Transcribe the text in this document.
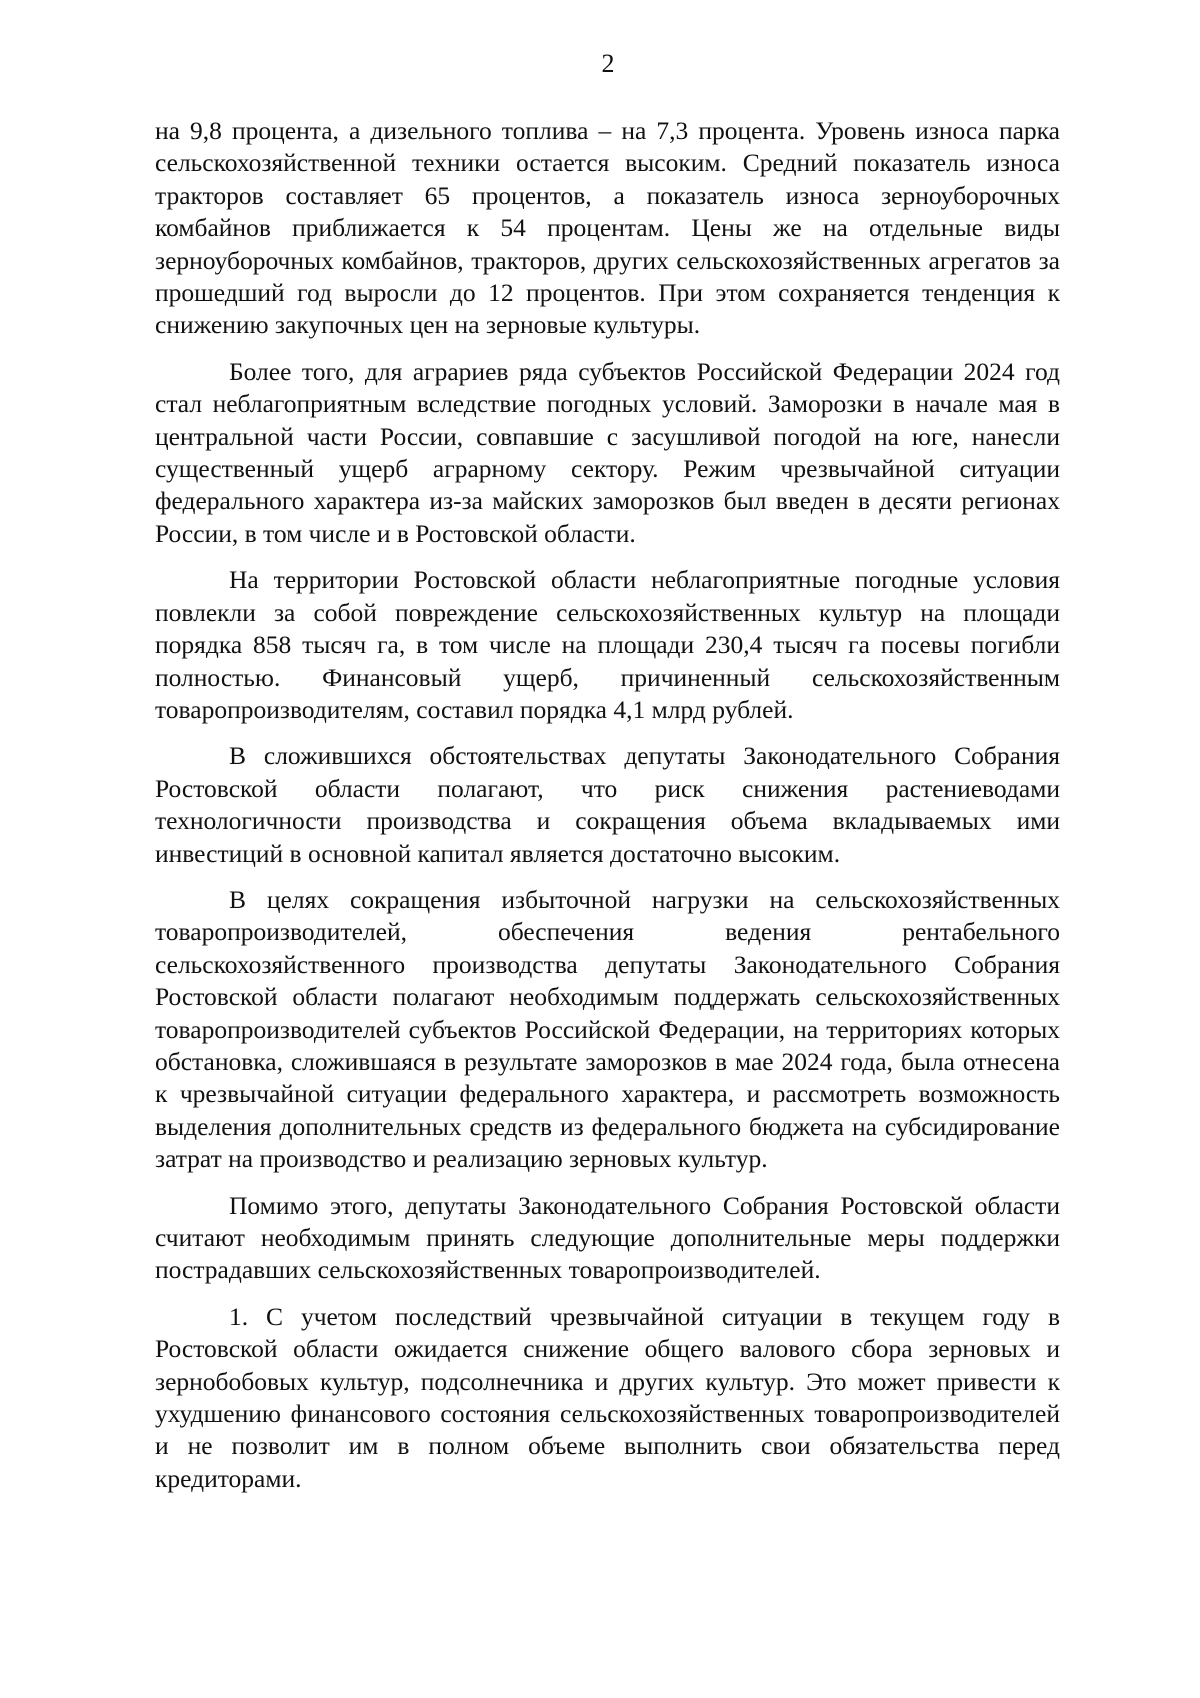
2

на 9,8 процента, а дизельного топлива – на 7,3 процента. Уровень износа парка сельскохозяйственной техники остается высоким. Средний показатель износа тракторов составляет 65 процентов, а показатель износа зерноуборочных комбайнов приближается к 54 процентам. Цены же на отдельные виды зерноуборочных комбайнов, тракторов, других сельскохозяйственных агрегатов за прошедший год выросли до 12 процентов. При этом сохраняется тенденция к снижению закупочных цен на зерновые культуры.

Более того, для аграриев ряда субъектов Российской Федерации 2024 год стал неблагоприятным вследствие погодных условий. Заморозки в начале мая в центральной части России, совпавшие с засушливой погодой на юге, нанесли существенный ущерб аграрному сектору. Режим чрезвычайной ситуации федерального характера из-за майских заморозков был введен в десяти регионах России, в том числе и в Ростовской области.

На территории Ростовской области неблагоприятные погодные условия повлекли за собой повреждение сельскохозяйственных культур на площади порядка 858 тысяч га, в том числе на площади 230,4 тысяч га посевы погибли полностью. Финансовый ущерб, причиненный сельскохозяйственным товаропроизводителям, составил порядка 4,1 млрд рублей.

В сложившихся обстоятельствах депутаты Законодательного Собрания Ростовской области полагают, что риск снижения растениеводами технологичности производства и сокращения объема вкладываемых ими инвестиций в основной капитал является достаточно высоким.

В целях сокращения избыточной нагрузки на сельскохозяйственных товаропроизводителей, обеспечения ведения рентабельного сельскохозяйственного производства депутаты Законодательного Собрания Ростовской области полагают необходимым поддержать сельскохозяйственных товаропроизводителей субъектов Российской Федерации, на территориях которых обстановка, сложившаяся в результате заморозков в мае 2024 года, была отнесена к чрезвычайной ситуации федерального характера, и рассмотреть возможность выделения дополнительных средств из федерального бюджета на субсидирование затрат на производство и реализацию зерновых культур.

Помимо этого, депутаты Законодательного Собрания Ростовской области считают необходимым принять следующие дополнительные меры поддержки пострадавших сельскохозяйственных товаропроизводителей.

1. С учетом последствий чрезвычайной ситуации в текущем году в Ростовской области ожидается снижение общего валового сбора зерновых и зернобобовых культур, подсолнечника и других культур. Это может привести к ухудшению финансового состояния сельскохозяйственных товаропроизводителей и не позволит им в полном объеме выполнить свои обязательства перед кредиторами.
